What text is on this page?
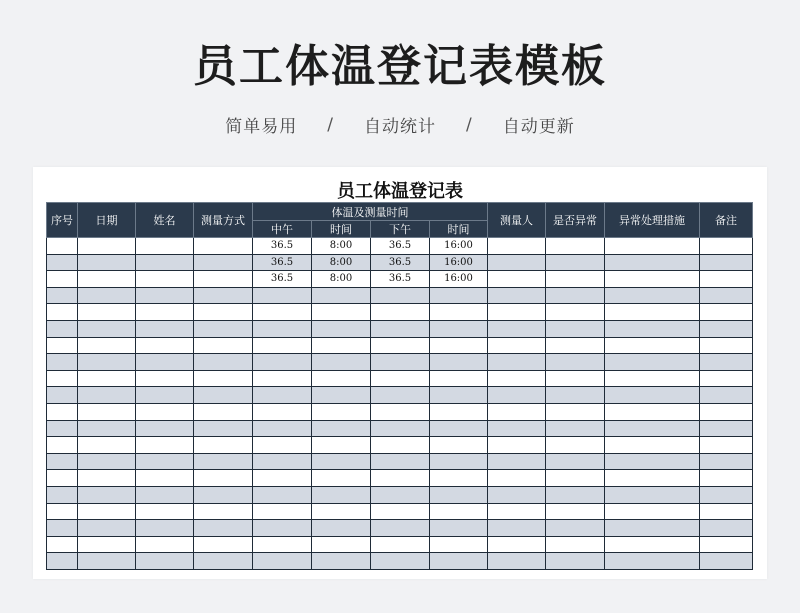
员工体温登记表模板
简单易用 / 自动统计 / 自动更新
员工体温登记表
序号	日期	姓名	测量方式	体温及测量时间				测量人	是否异常	异常处理措施	备注
				中午	时间	下午	时间				
				36.5	8:00	36.5	16:00				
				36.5	8:00	36.5	16:00				
				36.5	8:00	36.5	16:00				
